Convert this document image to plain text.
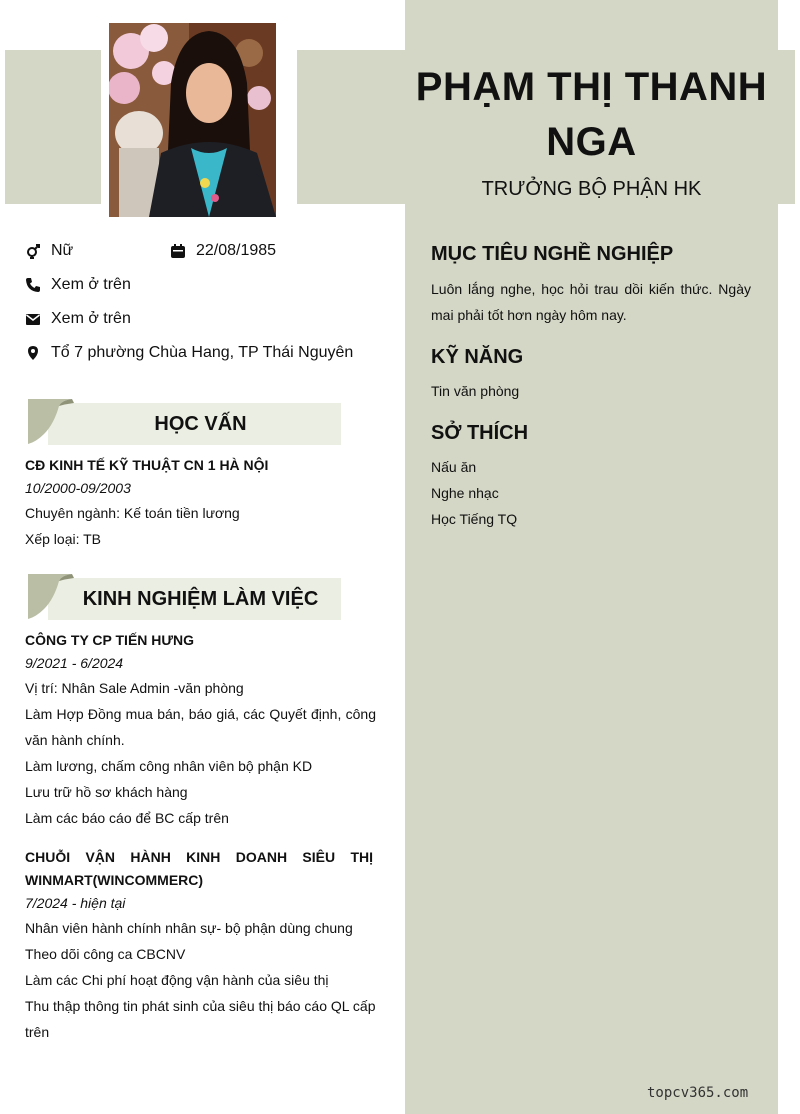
PHẠM THỊ THANH
NGA
TRƯỞNG BỘ PHẬN HK
Nữ	22/08/1985
Xem ở trên
Xem ở trên
Tổ 7 phường Chùa Hang, TP Thái Nguyên
HỌC VẤN
CĐ KINH TẾ KỸ THUẬT CN 1 HÀ NỘI
10/2000-09/2003
Chuyên ngành: Kế toán tiền lương
Xếp loại: TB
KINH NGHIỆM LÀM VIỆC
CÔNG TY CP TIẾN HƯNG
9/2021 - 6/2024
Vị trí: Nhân Sale Admin -văn phòng
Làm Hợp Đồng mua bán, báo giá, các Quyết định, công
văn hành chính.
Làm lương, chấm công nhân viên bộ phận KD
Lưu trữ hồ sơ khách hàng
Làm các báo cáo để BC cấp trên
CHUỖI VẬN HÀNH KINH DOANH SIÊU THỊ
WINMART(WINCOMMERC)
7/2024 - hiện tại
Nhân viên hành chính nhân sự- bộ phận dùng chung
Theo dõi công ca CBCNV
Làm các Chi phí hoạt động vận hành của siêu thị
Thu thập thông tin phát sinh của siêu thị báo cáo QL cấp
trên
MỤC TIÊU NGHỀ NGHIỆP
Luôn lắng nghe, học hỏi trau dồi kiến thức. Ngày
mai phải tốt hơn ngày hôm nay.
KỸ NĂNG
Tin văn phòng
SỞ THÍCH
Nấu ăn
Nghe nhạc
Học Tiếng TQ
topcv365.com
